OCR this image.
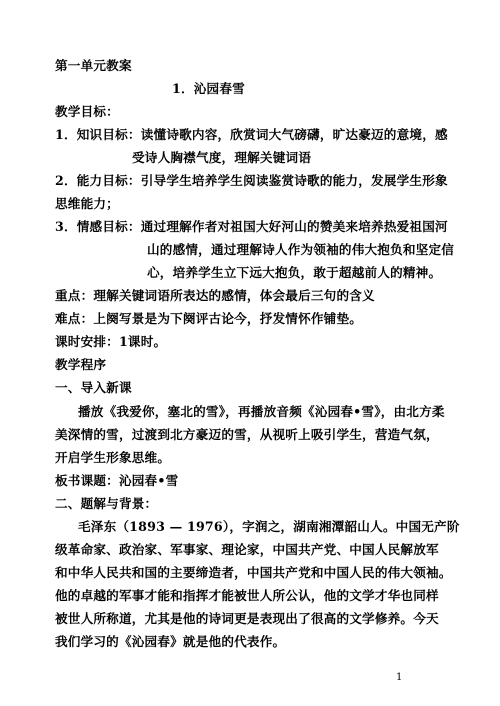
第一单元教案
1．沁园春雪
教学目标：
1．知识目标：读懂诗歌内容，欣赏词大气磅礴，旷达豪迈的意境，感
受诗人胸襟气度，理解关键词语
2．能力目标：引导学生培养学生阅读鉴赏诗歌的能力，发展学生形象
思维能力；
3．情感目标：通过理解作者对祖国大好河山的赞美来培养热爱祖国河
山的感情，通过理解诗人作为领袖的伟大抱负和坚定信
心，培养学生立下远大抱负，敢于超越前人的精神。
重点：理解关键词语所表达的感情，体会最后三句的含义
难点：上阕写景是为下阕评古论今，抒发情怀作铺垫。
课时安排：1课时。
教学程序
一、导入新课
播放《我爱你，塞北的雪》，再播放音频《沁园春•雪》，由北方柔
美深情的雪，过渡到北方豪迈的雪，从视听上吸引学生，营造气氛，
开启学生形象思维。
板书课题：沁园春•雪
二、题解与背景：
毛泽东（1893 — 1976），字润之，湖南湘潭韶山人。中国无产阶
级革命家、政治家、军事家、理论家，中国共产党、中国人民解放军
和中华人民共和国的主要缔造者，中国共产党和中国人民的伟大领袖。
他的卓越的军事才能和指挥才能被世人所公认，他的文学才华也同样
被世人所称道，尤其是他的诗词更是表现出了很高的文学修养。今天
我们学习的《沁园春》就是他的代表作。
1
